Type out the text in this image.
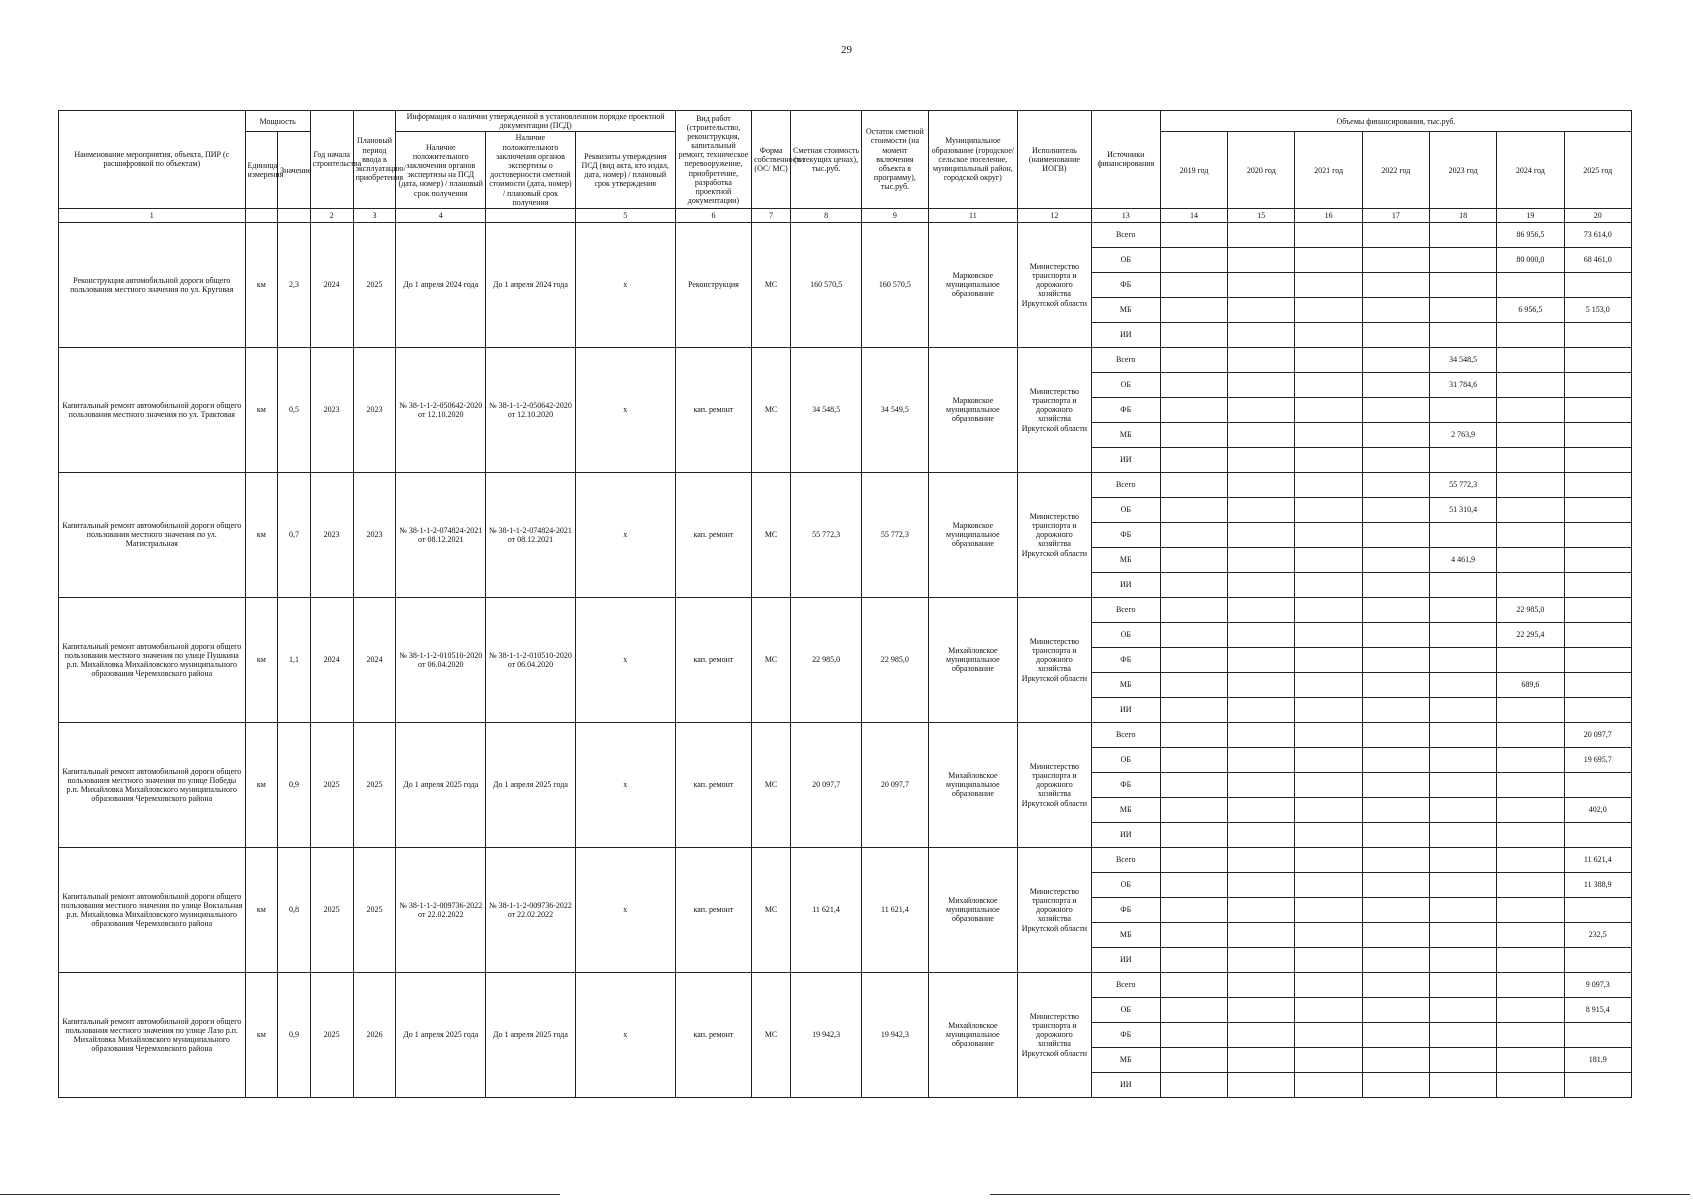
29
Наименование мероприятия, объекта, ПИР (с расшифровкой по объектам)	Мощность		Год начала строительства	Плановый период ввода в эксплуатацию/приобретения	Информация о наличии утвержденной в установленном порядке проектной документации (ПСД)			Вид работ (строительство, реконструкция, капитальный ремонт, техническое перевооружение, приобретение, разработка проектной документации)	Форма собственности (ОС/ МС)	Сметная стоимость (в текущих ценах), тыс.руб.	Остаток сметной стоимости (на момент включения объекта в программу), тыс.руб.	Муниципальное образование (городское/сельское поселение, муниципальный район, городской округ)	Исполнитель (наименование ИОГВ)	Источники финансирования	Объемы финансирования, тыс.руб.						
	Единица измерения	Значение			Наличие положительного заключения органов экспертизы на ПСД (дата, номер) / плановый срок получения	Наличие положительного заключения органов экспертизы о достоверности сметной стоимости (дата, номер) / плановый срок получения	Реквизиты утверждения ПСД (вид акта, кто издал, дата, номер) / плановый срок утверждения								2019 год	2020 год	2021 год	2022 год	2023 год	2024 год	2025 год
1			2	3	4		5	6	7	8	9	11	12	13	14	15	16	17	18	19	20
Реконструкция автомобильной дороги общего пользования местного значения по ул. Круговая	км	2,3	2024	2025	До 1 апреля 2024 года	До 1 апреля 2024 года	х	Реконструкция	МС	160 570,5	160 570,5	Марковское муниципальное образование	Министерство транспорта и дорожного хозяйства Иркутской области	Всего						86 956,5	73 614,0
														ОБ						80 000,0	68 461,0
														ФБ							
														МБ						6 956,5	5 153,0
														ИИ							
Капитальный ремонт автомобильной дороги общего пользования местного значения по ул. Трактовая	км	0,5	2023	2023	№ 38-1-1-2-050642-2020 от 12.10.2020	№ 38-1-1-2-050642-2020 от 12.10.2020	х	кап. ремонт	МС	34 548,5	34 549,5	Марковское муниципальное образование	Министерство транспорта и дорожного хозяйства Иркутской области	Всего					34 548,5		
														ОБ					31 784,6		
														ФБ							
														МБ					2 763,9		
														ИИ							
Капитальный ремонт автомобильной дороги общего пользования местного значения по ул. Магистральная	км	0,7	2023	2023	№ 38-1-1-2-074824-2021 от 08.12.2021	№ 38-1-1-2-074824-2021 от 08.12.2021	х	кап. ремонт	МС	55 772,3	55 772,3	Марковское муниципальное образование	Министерство транспорта и дорожного хозяйства Иркутской области	Всего					55 772,3		
														ОБ					51 310,4		
														ФБ							
														МБ					4 461,9		
														ИИ							
Капитальный ремонт автомобильной дороги общего пользования местного значения по улице Пушкина р.п. Михайловка Михайловского муниципального образования Черемховского района	км	1,1	2024	2024	№ 38-1-1-2-010510-2020 от 06.04.2020	№ 38-1-1-2-010510-2020 от 06.04.2020	х	кап. ремонт	МС	22 985,0	22 985,0	Михайловское муниципальное образование	Министерство транспорта и дорожного хозяйства Иркутской области	Всего						22 985,0	
														ОБ						22 295,4	
														ФБ							
														МБ						689,6	
														ИИ							
Капитальный ремонт автомобильной дороги общего пользования местного значения по улице Победы р.п. Михайловка Михайловского муниципального образования Черемховского района	км	0,9	2025	2025	До 1 апреля 2025 года	До 1 апреля 2025 года	х	кап. ремонт	МС	20 097,7	20 097,7	Михайловское муниципальное образование	Министерство транспорта и дорожного хозяйства Иркутской области	Всего							20 097,7
														ОБ							19 695,7
														ФБ							
														МБ							402,0
														ИИ							
Капитальный ремонт автомобильной дороги общего пользования местного значения по улице Вокзальная р.п. Михайловка Михайловского муниципального образования Черемховского района	км	0,8	2025	2025	№ 38-1-1-2-009736-2022 от 22.02.2022	№ 38-1-1-2-009736-2022 от 22.02.2022	х	кап. ремонт	МС	11 621,4	11 621,4	Михайловское муниципальное образование	Министерство транспорта и дорожного хозяйства Иркутской области	Всего							11 621,4
														ОБ							11 388,9
														ФБ							
														МБ							232,5
														ИИ							
Капитальный ремонт автомобильной дороги общего пользования местного значения по улице Лазо р.п. Михайловка Михайловского муниципального образования Черемховского района	км	0,9	2025	2026	До 1 апреля 2025 года	До 1 апреля 2025 года	х	кап. ремонт	МС	19 942,3	19 942,3	Михайловское муниципальное образование	Министерство транспорта и дорожного хозяйства Иркутской области	Всего							9 097,3
														ОБ							8 915,4
														ФБ							
														МБ							181,9
														ИИ							
